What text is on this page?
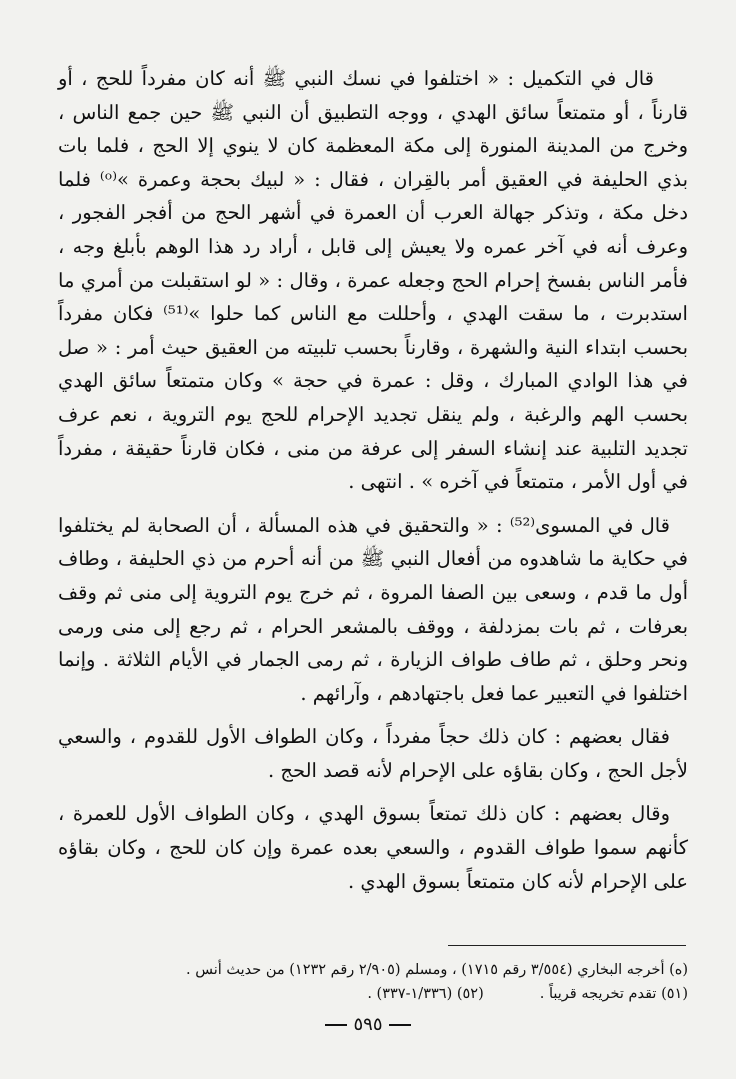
قال في التكميل : « اختلفوا في نسك النبي ﷺ أنه كان مفرداً للحج ، أو قارناً ، أو متمتعاً سائق الهدي ، ووجه التطبيق أن النبي ﷺ حين جمع الناس ، وخرج من المدينة المنورة إلى مكة المعظمة كان لا ينوي إلا الحج ، فلما بات بذي الحليفة في العقيق أمر بالقِران ، فقال : « لبيك بحجة وعمرة »⁽ᵒ⁾ فلما دخل مكة ، وتذكر جهالة العرب أن العمرة في أشهر الحج من أفجر الفجور ، وعرف أنه في آخر عمره ولا يعيش إلى قابل ، أراد رد هذا الوهم بأبلغ وجه ، فأمر الناس بفسخ إحرام الحج وجعله عمرة ، وقال : « لو استقبلت من أمري ما استدبرت ، ما سقت الهدي ، وأحللت مع الناس كما حلوا »⁽⁵¹⁾ فكان مفرداً بحسب ابتداء النية والشهرة ، وقارناً بحسب تلبيته من العقيق حيث أمر : « صل في هذا الوادي المبارك ، وقل : عمرة في حجة » وكان متمتعاً سائق الهدي بحسب الهم والرغبة ، ولم ينقل تجديد الإحرام للحج يوم التروية ، نعم عرف تجديد التلبية عند إنشاء السفر إلى عرفة من منى ، فكان قارناً حقيقة ، مفرداً في أول الأمر ، متمتعاً في آخره » . انتهى .

قال في المسوى⁽⁵²⁾ : « والتحقيق في هذه المسألة ، أن الصحابة لم يختلفوا في حكاية ما شاهدوه من أفعال النبي ﷺ من أنه أحرم من ذي الحليفة ، وطاف أول ما قدم ، وسعى بين الصفا المروة ، ثم خرج يوم التروية إلى منى ثم وقف بعرفات ، ثم بات بمزدلفة ، ووقف بالمشعر الحرام ، ثم رجع إلى منى ورمى ونحر وحلق ، ثم طاف طواف الزيارة ، ثم رمى الجمار في الأيام الثلاثة . وإنما اختلفوا في التعبير عما فعل باجتهادهم ، وآرائهم .

فقال بعضهم : كان ذلك حجاً مفرداً ، وكان الطواف الأول للقدوم ، والسعي لأجل الحج ، وكان بقاؤه على الإحرام لأنه قصد الحج .

وقال بعضهم : كان ذلك تمتعاً بسوق الهدي ، وكان الطواف الأول للعمرة ، كأنهم سموا طواف القدوم ، والسعي بعده عمرة وإن كان للحج ، وكان بقاؤه على الإحرام لأنه كان متمتعاً بسوق الهدي .

(ه) أخرجه البخاري (٣/٥٥٤ رقم ١٧١٥) ، ومسلم (٢/٩٠٥ رقم ١٢٣٢) من حديث أنس .
(٥١) تقدم تخريجه قريباً .
(٥٢) (١/٣٣٦-٣٣٧) .
٥٩٥
